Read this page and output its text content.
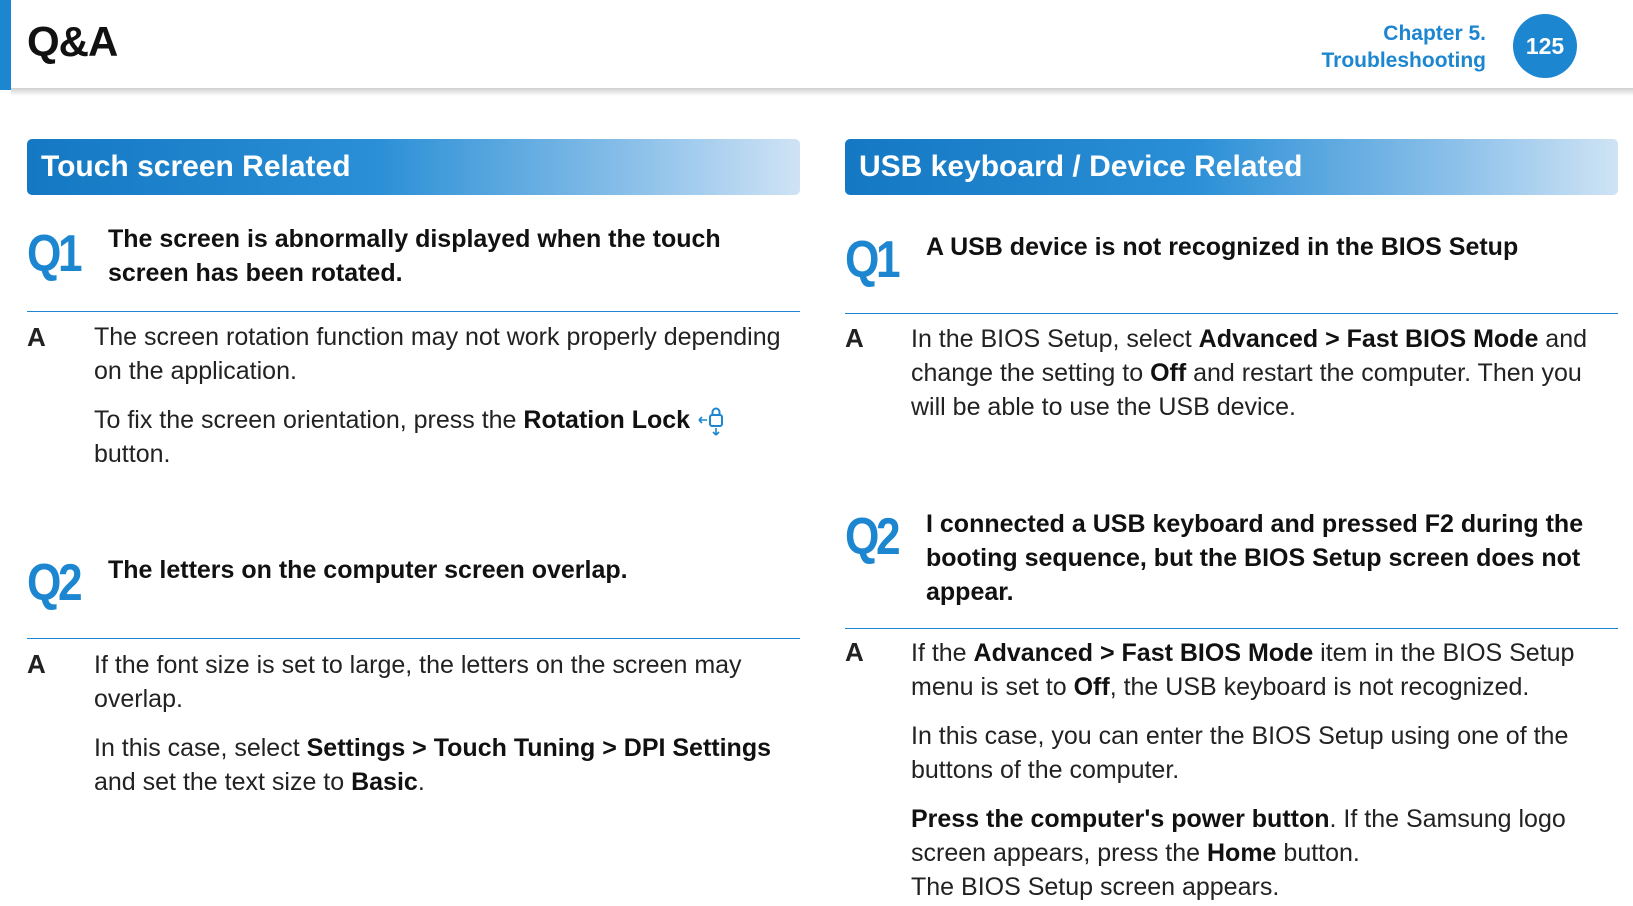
Q&A	Chapter 5.
Troubleshooting
125
Touch screen Related	USB keyboard / Device Related
Q1 The screen is abnormally displayed when the touch screen has been rotated.
A The screen rotation function may not work properly depending on the application.

To fix the screen orientation, press the Rotation Lock
button.

Q2 The letters on the computer screen overlap.
A If the font size is set to large, the letters on the screen may overlap.

In this case, select Settings > Touch Tuning > DPI Settings and set the text size to Basic.

Q1 A USB device is not recognized in the BIOS Setup
A In the BIOS Setup, select Advanced > Fast BIOS Mode and change the setting to Off and restart the computer. Then you will be able to use the USB device.

Q2 I connected a USB keyboard and pressed F2 during the booting sequence, but the BIOS Setup screen does not appear.
A If the Advanced > Fast BIOS Mode item in the BIOS Setup menu is set to Off, the USB keyboard is not recognized.

In this case, you can enter the BIOS Setup using one of the buttons of the computer.

Press the computer's power button. If the Samsung logo screen appears, press the Home button.
The BIOS Setup screen appears.
